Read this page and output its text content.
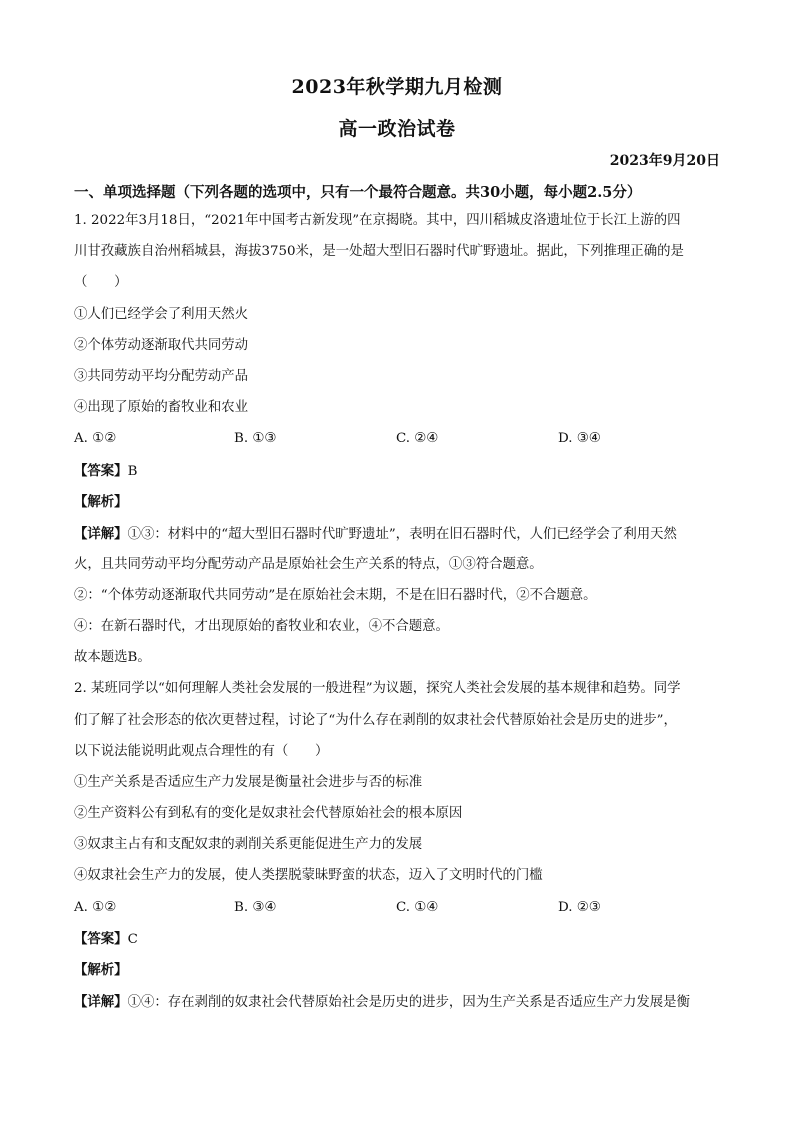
2023年秋学期九月检测
高一政治试卷
2023年9月20日
一、单项选择题（下列各题的选项中，只有一个最符合题意。共30小题，每小题2.5分）
1. 2022年3月18日，“2021年中国考古新发现”在京揭晓。其中，四川稻城皮洛遗址位于长江上游的四
川甘孜藏族自治州稻城县，海拔3750米，是一处超大型旧石器时代旷野遗址。据此，下列推理正确的是
（　　）
①人们已经学会了利用天然火
②个体劳动逐渐取代共同劳动
③共同劳动平均分配劳动产品
④出现了原始的畜牧业和农业
A. ①②	B. ①③	C. ②④	D. ③④
【答案】B
【解析】
【详解】①③：材料中的“超大型旧石器时代旷野遗址”，表明在旧石器时代，人们已经学会了利用天然
火，且共同劳动平均分配劳动产品是原始社会生产关系的特点，①③符合题意。
②：“个体劳动逐渐取代共同劳动”是在原始社会末期，不是在旧石器时代，②不合题意。
④：在新石器时代，才出现原始的畜牧业和农业，④不合题意。
故本题选B。
2. 某班同学以“如何理解人类社会发展的一般进程”为议题，探究人类社会发展的基本规律和趋势。同学
们了解了社会形态的依次更替过程，讨论了“为什么存在剥削的奴隶社会代替原始社会是历史的进步”，
以下说法能说明此观点合理性的有（　　）
①生产关系是否适应生产力发展是衡量社会进步与否的标准
②生产资料公有到私有的变化是奴隶社会代替原始社会的根本原因
③奴隶主占有和支配奴隶的剥削关系更能促进生产力的发展
④奴隶社会生产力的发展，使人类摆脱蒙昧野蛮的状态，迈入了文明时代的门槛
A. ①②	B. ③④	C. ①④	D. ②③
【答案】C
【解析】
【详解】①④：存在剥削的奴隶社会代替原始社会是历史的进步，因为生产关系是否适应生产力发展是衡
